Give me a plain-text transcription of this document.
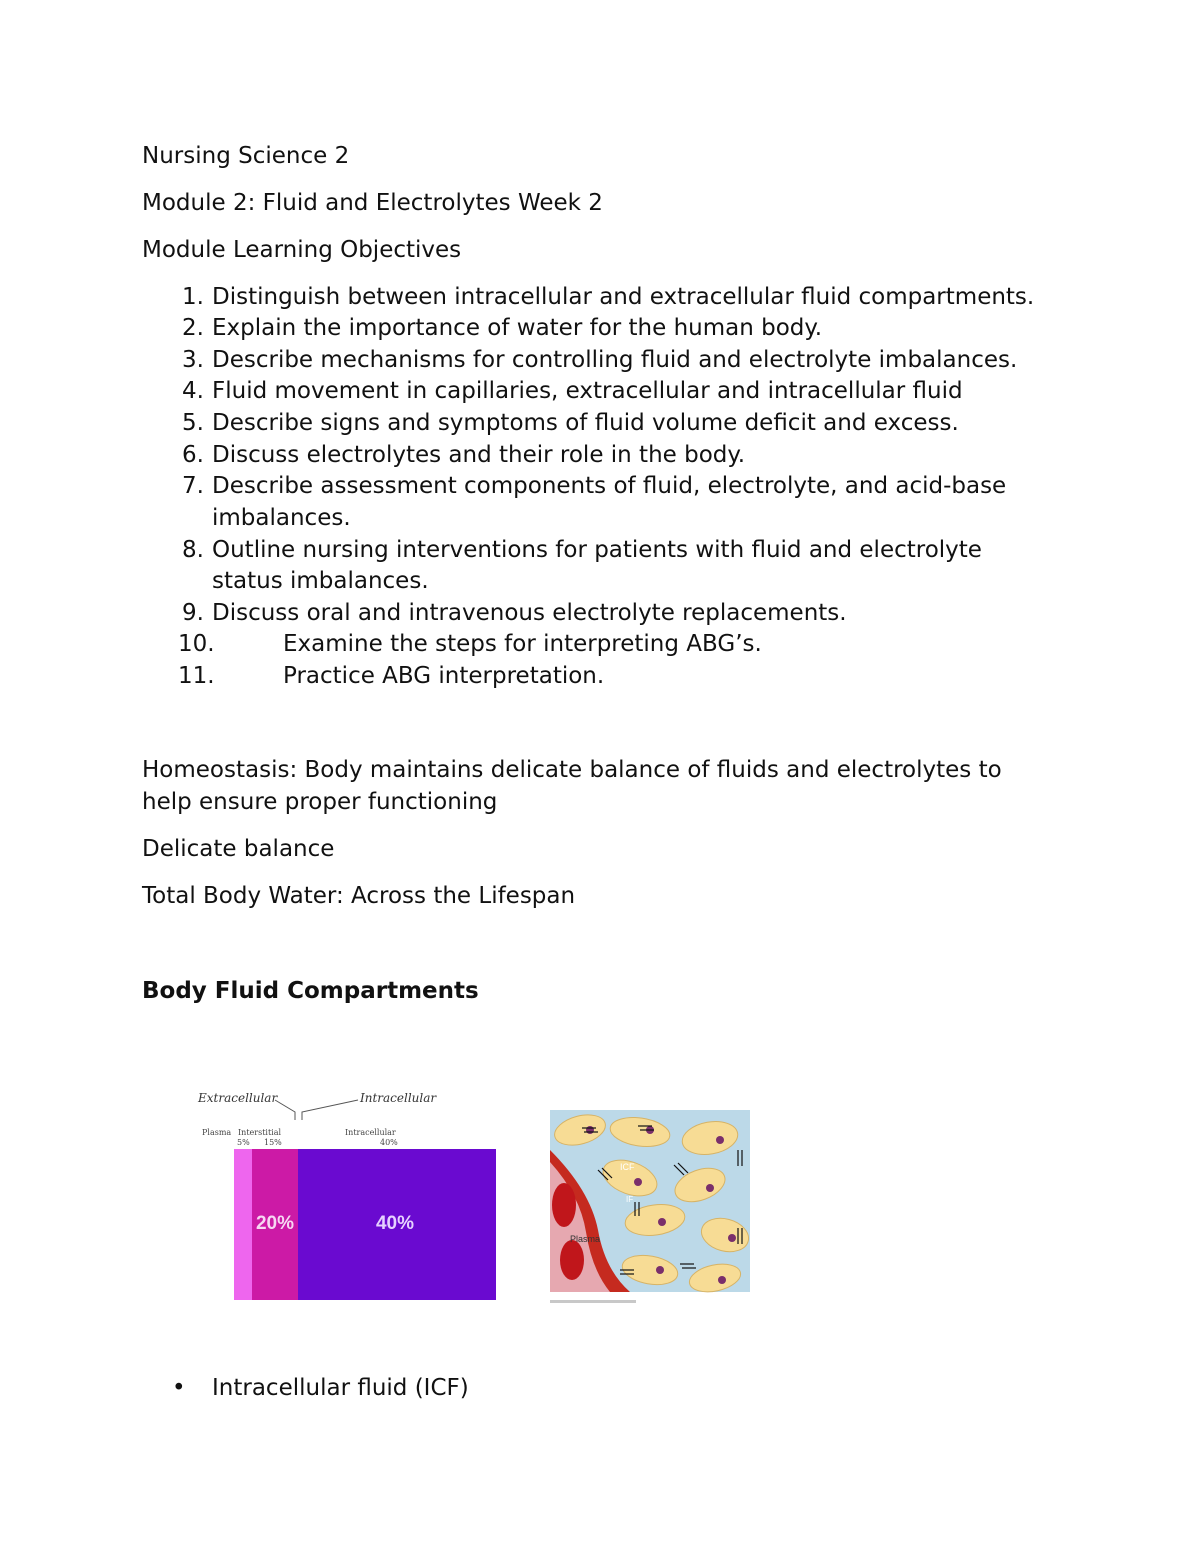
Nursing Science 2
Module 2: Fluid and Electrolytes Week 2
Module Learning Objectives
1. Distinguish between intracellular and extracellular fluid compartments.
2. Explain the importance of water for the human body.
3. Describe mechanisms for controlling fluid and electrolyte imbalances.
4. Fluid movement in capillaries, extracellular and intracellular fluid
5. Describe signs and symptoms of fluid volume deficit and excess.
6. Discuss electrolytes and their role in the body.
7. Describe assessment components of fluid, electrolyte, and acid-base
imbalances.
8. Outline nursing interventions for patients with fluid and electrolyte
status imbalances.
9. Discuss oral and intravenous electrolyte replacements.
10.	Examine the steps for interpreting ABG’s.
11.	Practice ABG interpretation.
Homeostasis: Body maintains delicate balance of fluids and electrolytes to
help ensure proper functioning
Delicate balance
Total Body Water: Across the Lifespan
Body Fluid Compartments
Extracellular	Intracellular
Plasma Interstitial	Intracellular
5% 15%	40%
20%	40%
ICF
IF
Plasma
• Intracellular fluid (ICF)
